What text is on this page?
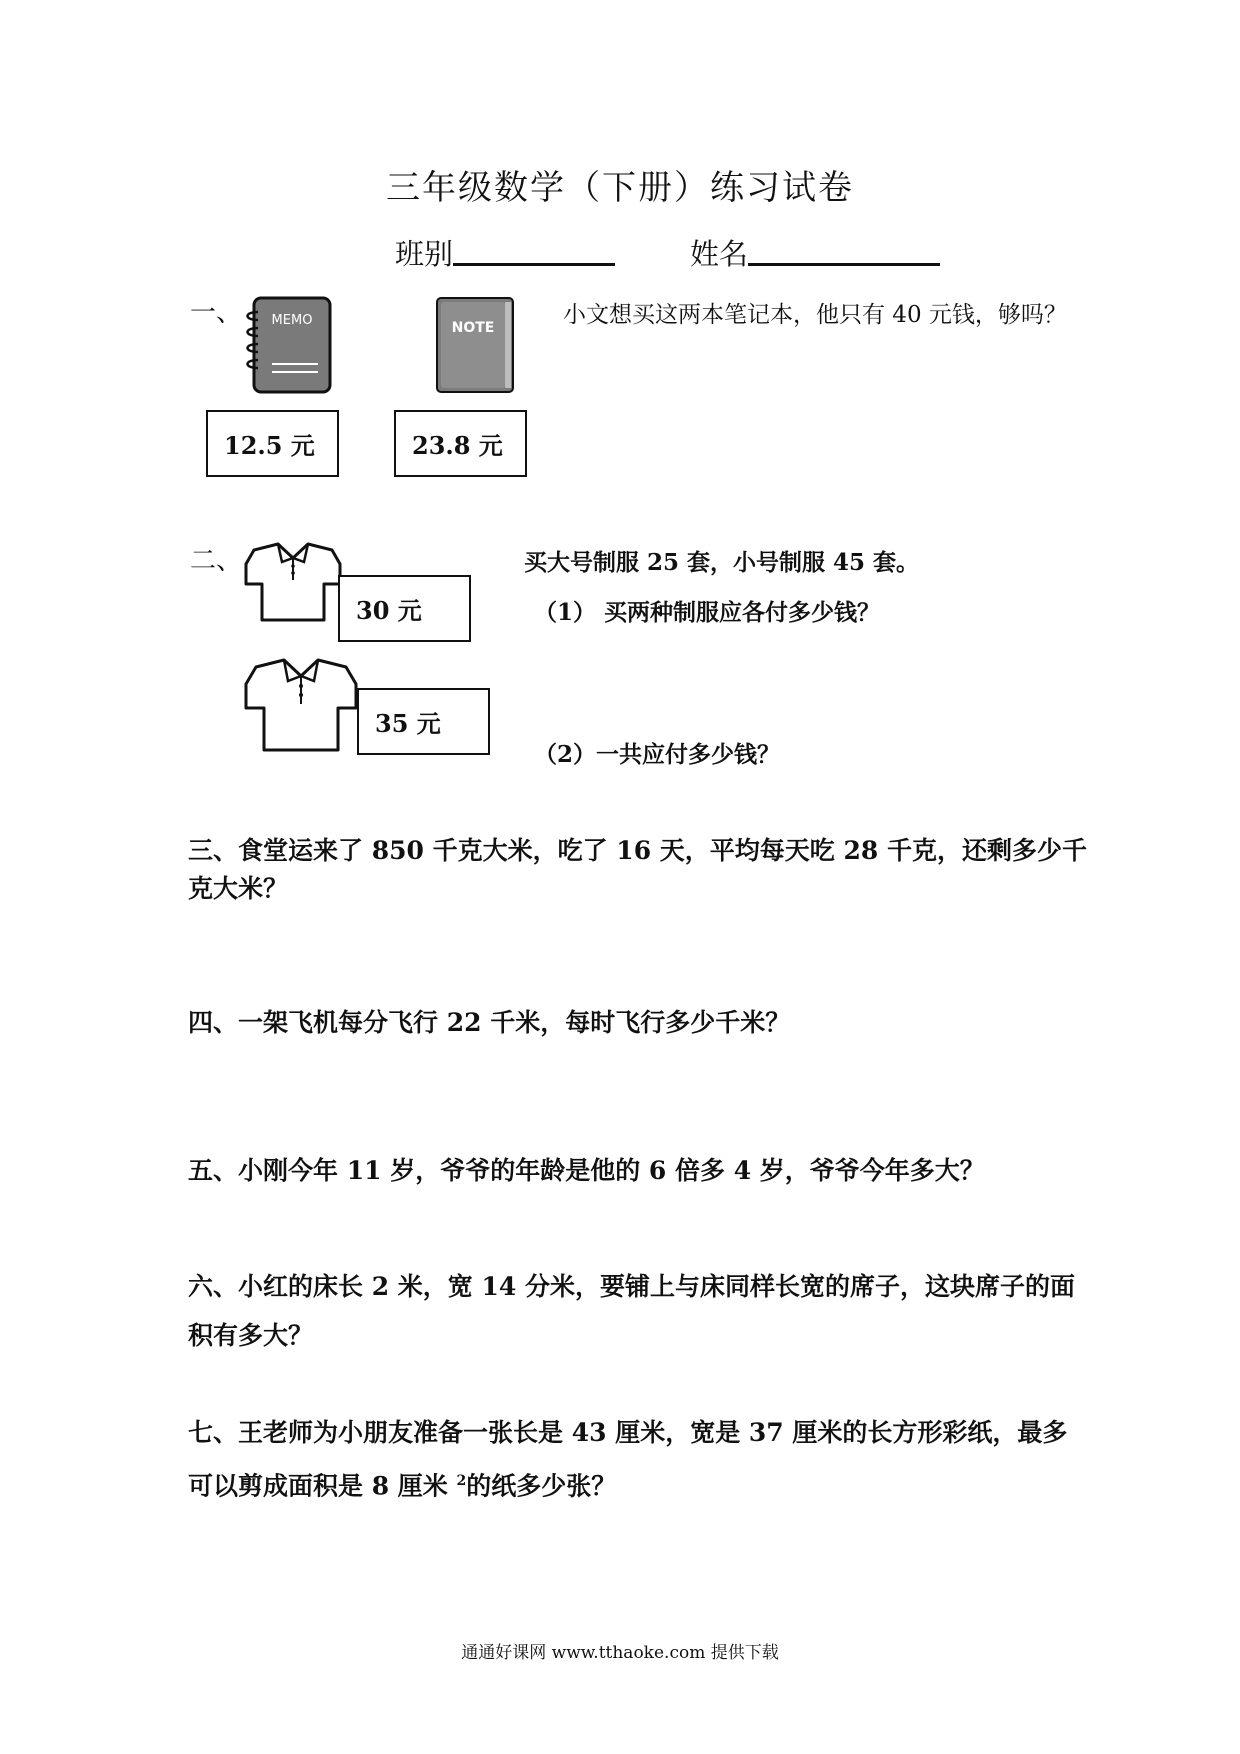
三年级数学（下册）练习试卷
班别	姓名
一、 MEMO	NOTE
12.5 元	23.8 元
小文想买这两本笔记本，他只有 40 元钱，够吗？
二、
30 元
35 元
买大号制服 25 套，小号制服 45 套。
（1） 买两种制服应各付多少钱？
（2）一共应付多少钱？
三、食堂运来了 850 千克大米，吃了 16 天，平均每天吃 28 千克，还剩多少千
克大米？
四、一架飞机每分飞行 22 千米，每时飞行多少千米？
五、小刚今年 11 岁，爷爷的年龄是他的 6 倍多 4 岁，爷爷今年多大？
六、小红的床长 2 米，宽 14 分米，要铺上与床同样长宽的席子，这块席子的面
积有多大？
七、王老师为小朋友准备一张长是 43 厘米，宽是 37 厘米的长方形彩纸，最多
可以剪成面积是 8 厘米 $^2$的纸多少张？
通通好课网 www.tthaoke.com 提供下载
